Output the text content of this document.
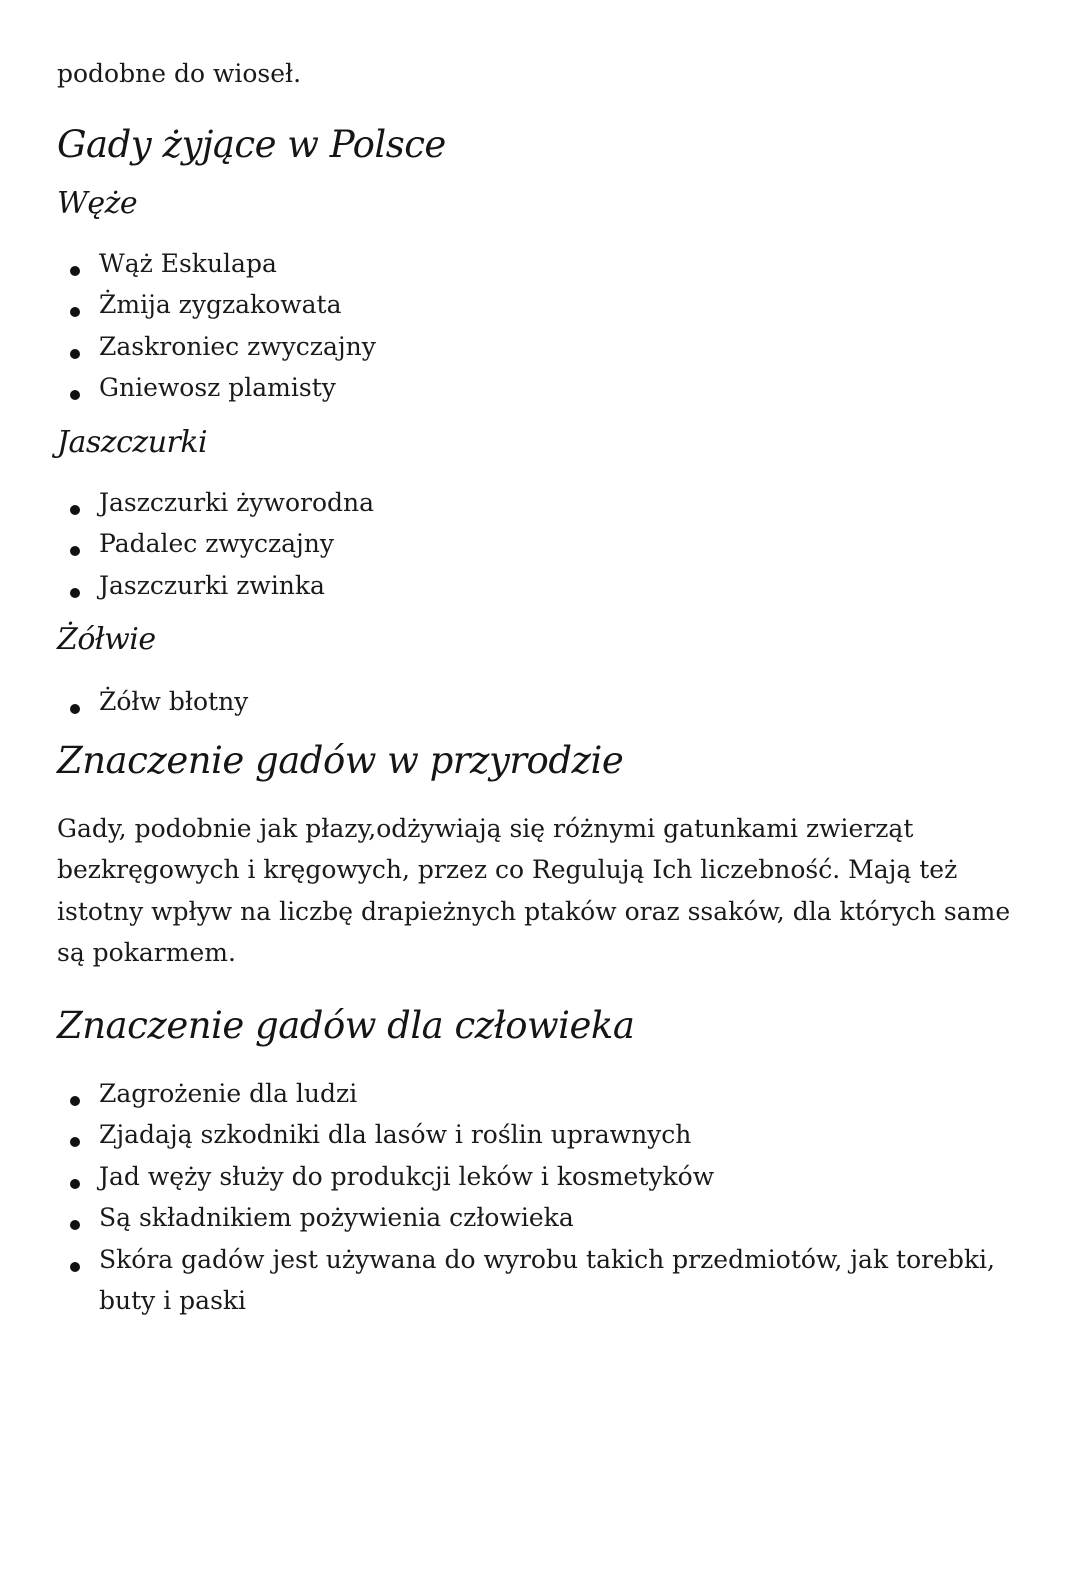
podobne do wioseł.

Gady żyjące w Polsce
Węże
Wąż Eskulapa
Żmija zygzakowata
Zaskroniec zwyczajny
Gniewosz plamisty
Jaszczurki
Jaszczurki żyworodna
Padalec zwyczajny
Jaszczurki zwinka
Żółwie
Żółw błotny
Znaczenie gadów w przyrodzie

Gady, podobnie jak płazy,odżywiają się różnymi gatunkami zwierząt bezkręgowych i kręgowych, przez co Regulują Ich liczebność. Mają też istotny wpływ na liczbę drapieżnych ptaków oraz ssaków, dla których same są pokarmem.

Znaczenie gadów dla człowieka
Zagrożenie dla ludzi
Zjadają szkodniki dla lasów i roślin uprawnych
Jad węży służy do produkcji leków i kosmetyków
Są składnikiem pożywienia człowieka
Skóra gadów jest używana do wyrobu takich przedmiotów, jak torebki, buty i paski
